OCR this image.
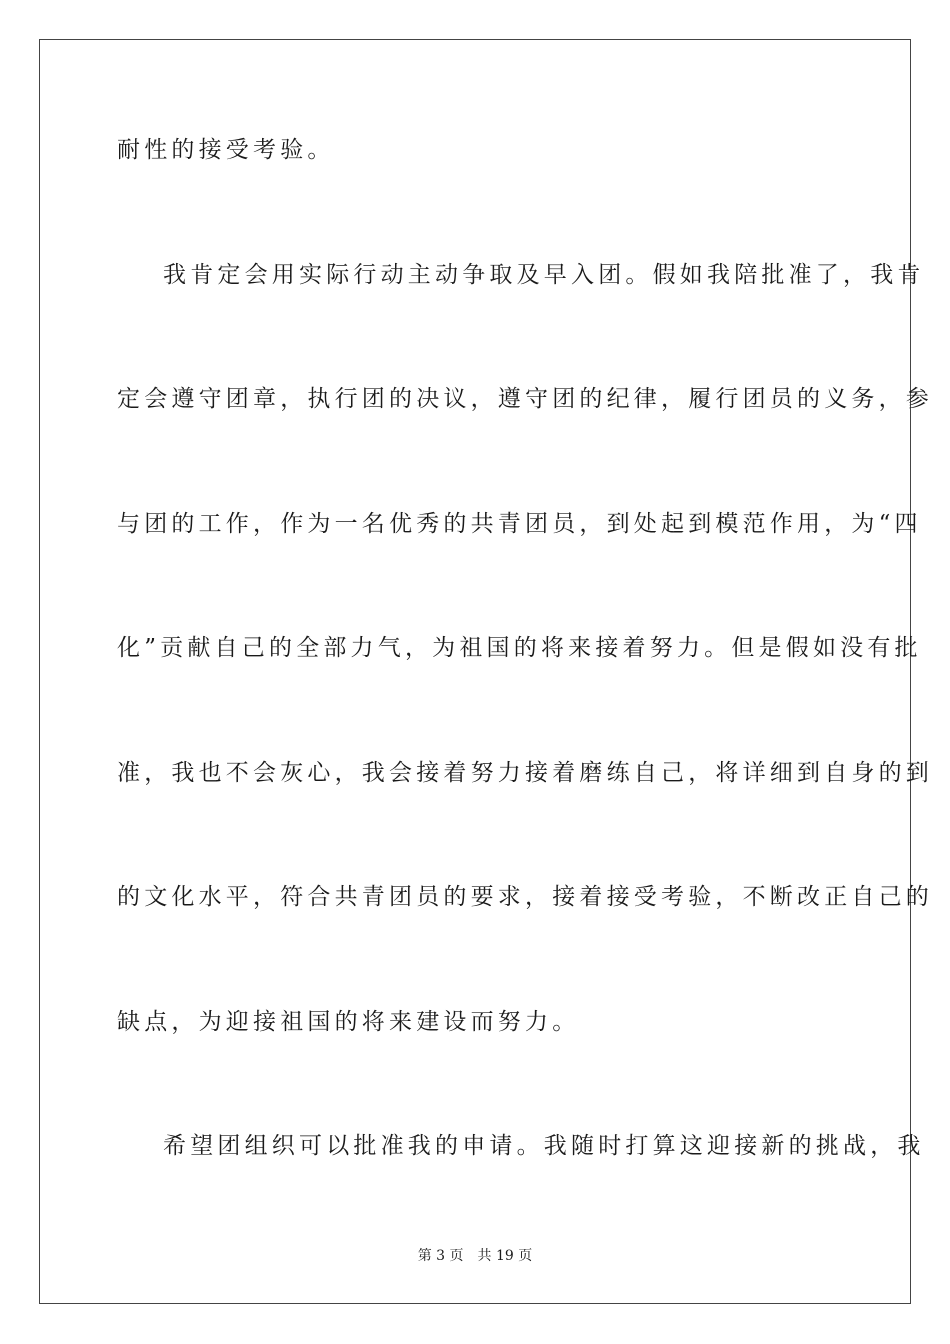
耐性的接受考验。
我肯定会用实际行动主动争取及早入团。假如我陪批准了，我肯
定会遵守团章，执行团的决议，遵守团的纪律，履行团员的义务，参
与团的工作，作为一名优秀的共青团员，到处起到模范作用，为“四
化”贡献自己的全部力气，为祖国的将来接着努力。但是假如没有批
准，我也不会灰心，我会接着努力接着磨练自己，将详细到自身的到
的文化水平，符合共青团员的要求，接着接受考验，不断改正自己的
缺点，为迎接祖国的将来建设而努力。
希望团组织可以批准我的申请。我随时打算这迎接新的挑战，我
第 3 页 共 19 页
